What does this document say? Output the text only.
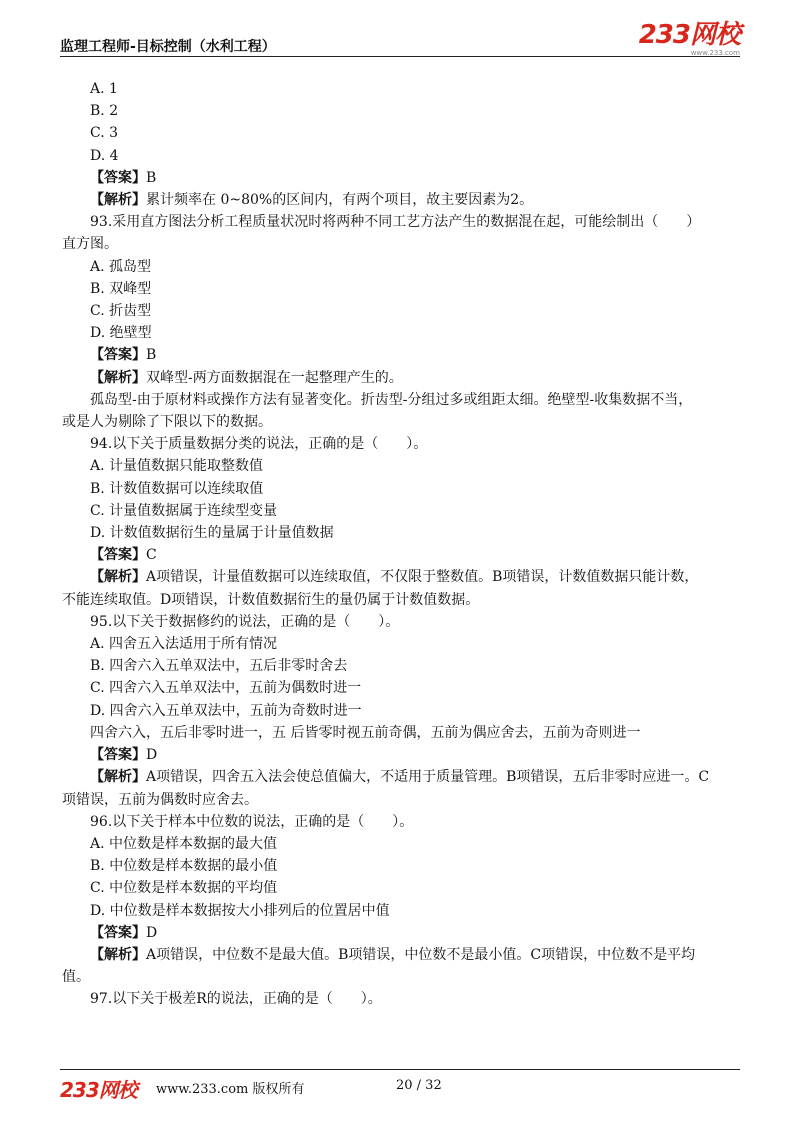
监理工程师-目标控制（水利工程）	233网校
www.233.com
A. 1
B. 2
C. 3
D. 4
【答案】B
【解析】累计频率在 0~80%的区间内，有两个项目，故主要因素为2。
93.采用直方图法分析工程质量状况时将两种不同工艺方法产生的数据混在起，可能绘制出（　　）
直方图。
A. 孤岛型
B. 双峰型
C. 折齿型
D. 绝壁型
【答案】B
【解析】双峰型-两方面数据混在一起整理产生的。
孤岛型-由于原材料或操作方法有显著变化。折齿型-分组过多或组距太细。绝壁型-收集数据不当，
或是人为剔除了下限以下的数据。
94.以下关于质量数据分类的说法，正确的是（　　）。
A. 计量值数据只能取整数值
B. 计数值数据可以连续取值
C. 计量值数据属于连续型变量
D. 计数值数据衍生的量属于计量值数据
【答案】C
【解析】A项错误，计量值数据可以连续取值，不仅限于整数值。B项错误，计数值数据只能计数，
不能连续取值。D项错误，计数值数据衍生的量仍属于计数值数据。
95.以下关于数据修约的说法，正确的是（　　）。
A. 四舍五入法适用于所有情况
B. 四舍六入五单双法中，五后非零时舍去
C. 四舍六入五单双法中，五前为偶数时进一
D. 四舍六入五单双法中，五前为奇数时进一
四舍六入，五后非零时进一，五 后皆零时视五前奇偶，五前为偶应舍去，五前为奇则进一
【答案】D
【解析】A项错误，四舍五入法会使总值偏大，不适用于质量管理。B项错误，五后非零时应进一。C
项错误，五前为偶数时应舍去。
96.以下关于样本中位数的说法，正确的是（　　）。
A. 中位数是样本数据的最大值
B. 中位数是样本数据的最小值
C. 中位数是样本数据的平均值
D. 中位数是样本数据按大小排列后的位置居中值
【答案】D
【解析】A项错误，中位数不是最大值。B项错误，中位数不是最小值。C项错误，中位数不是平均
值。
97.以下关于极差R的说法，正确的是（　　）。
233网校 www.233.com 版权所有	20 / 32
